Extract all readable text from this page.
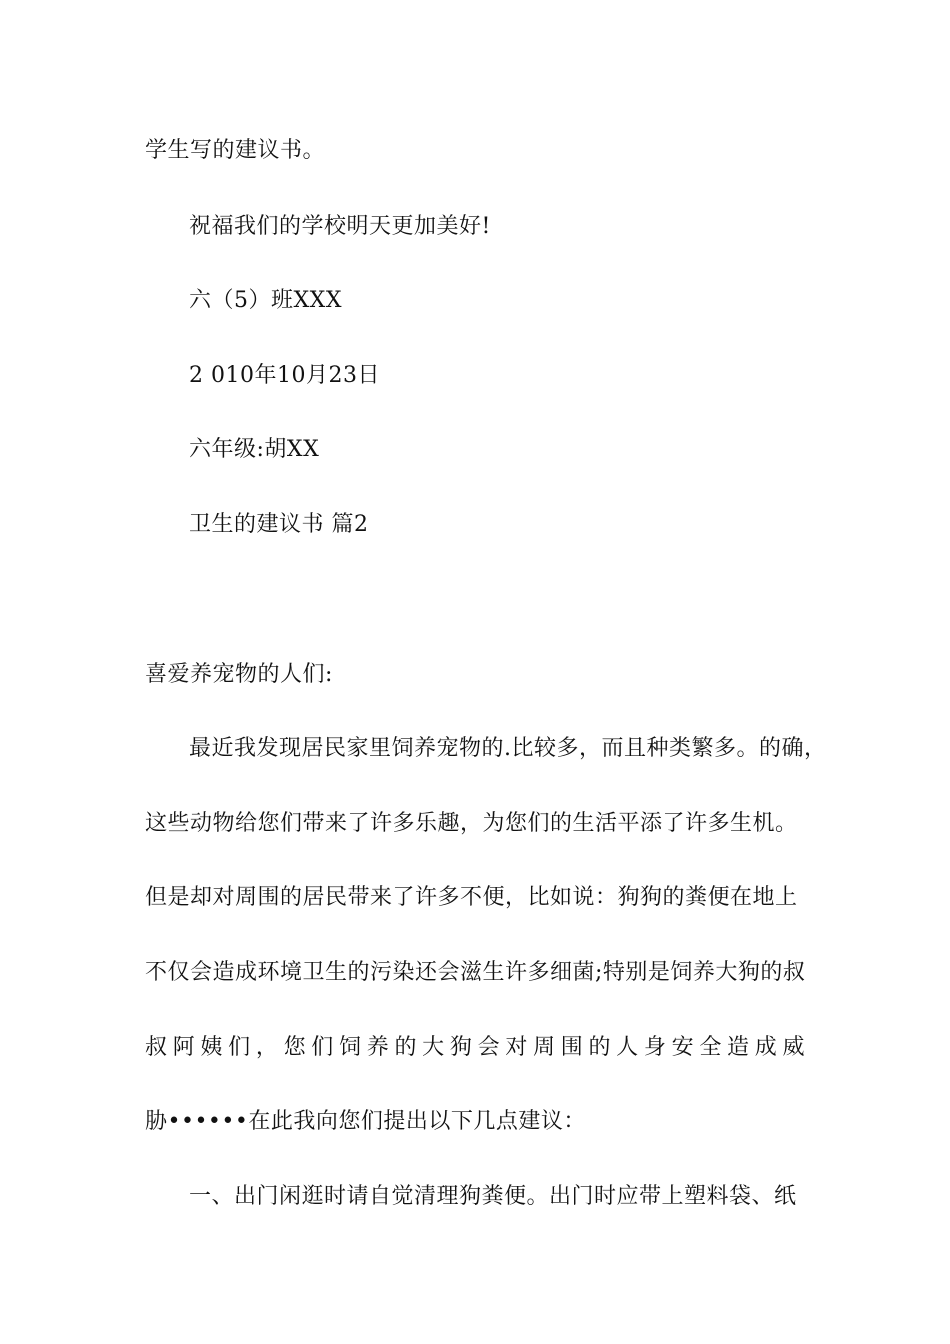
学生写的建议书。
祝福我们的学校明天更加美好!
六（5）班XXX
2 010年10月23日
六年级:胡XX
卫生的建议书 篇2
喜爱养宠物的人们:
最近我发现居民家里饲养宠物的.比较多，而且种类繁多。的确，
这些动物给您们带来了许多乐趣，为您们的生活平添了许多生机。
但是却对周围的居民带来了许多不便，比如说：狗狗的粪便在地上
不仅会造成环境卫生的污染还会滋生许多细菌;特别是饲养大狗的叔
叔阿姨们，您们饲养的大狗会对周围的人身安全造成威
胁••••••在此我向您们提出以下几点建议：
一、出门闲逛时请自觉清理狗粪便。出门时应带上塑料袋、纸
